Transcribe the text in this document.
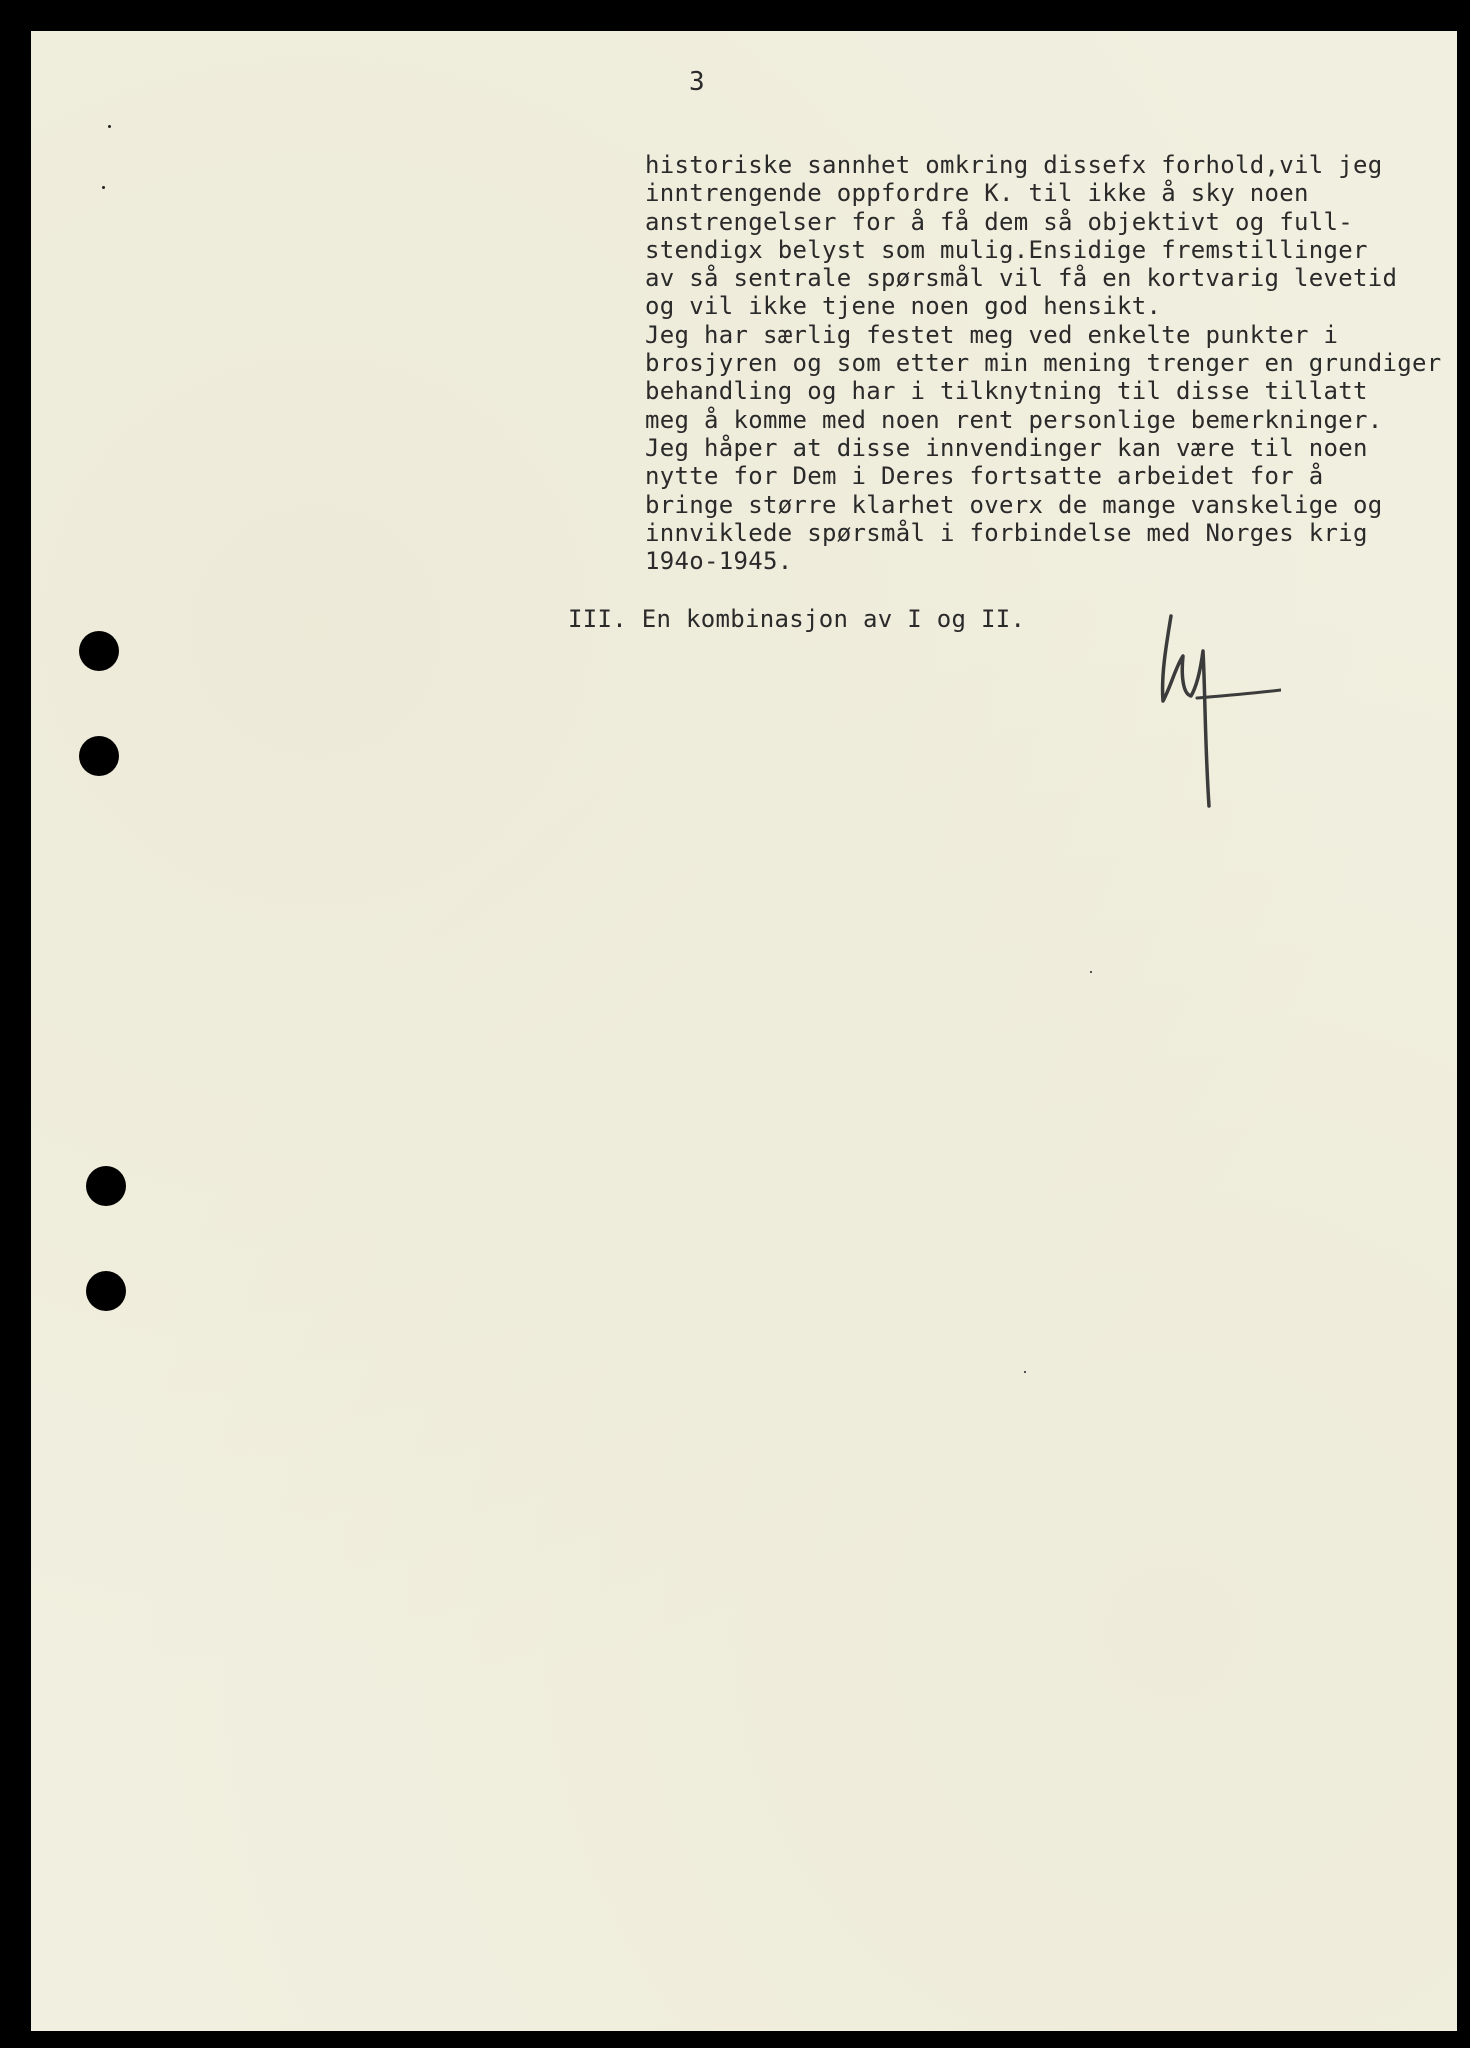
3
historiske sannhet omkring dissefx forhold,vil jeg
inntrengende oppfordre K. til ikke å sky noen
anstrengelser for å få dem så objektivt og full-
stendigx belyst som mulig.Ensidige fremstillinger
av så sentrale spørsmål vil få en kortvarig levetid
og vil ikke tjene noen god hensikt.
Jeg har særlig festet meg ved enkelte punkter i
brosjyren og som etter min mening trenger en grundiger
behandling og har i tilknytning til disse tillatt
meg å komme med noen rent personlige bemerkninger.
Jeg håper at disse innvendinger kan være til noen
nytte for Dem i Deres fortsatte arbeidet for å
bringe større klarhet overx de mange vanskelige og
innviklede spørsmål i forbindelse med Norges krig
194o-1945.
III. En kombinasjon av I og II.
